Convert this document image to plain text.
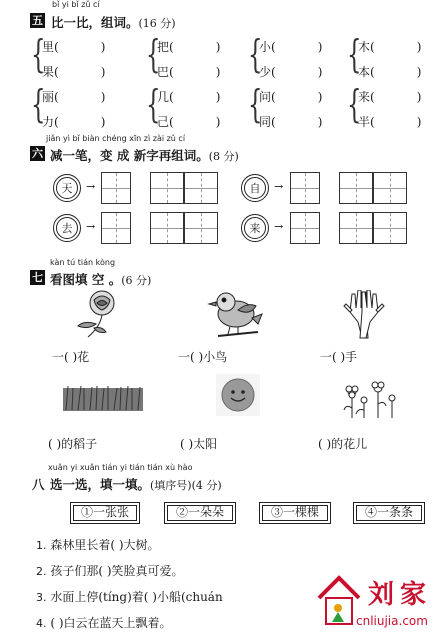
bǐ yi bǐ zǔ cí
五 比一比，组词。(16 分)
{
里(	)
果(	) {
把(	)
巴(	) {
小(	)
少(	) {
木(	)
本(	)
{
丽(	)
力(	) {
几(	)
己(	) {
问(	)
同(	) {
来(	)
半(	)
jiǎn yì bǐ biàn chéng xīn zì zài zǔ cí
六 减一笔，变 成 新字再组词。(8 分)
天	→	自	→
去	→	来	→
kàn tú tián kòng
七 看图填 空 。(6 分)
一( )花	一( )小鸟	一( )手
( )的稻子	( )太阳	( )的花儿
xuǎn yi xuǎn tián yi tián tián xù hào
八 选一选，填一填。(填序号)(4 分)
①一张张	②一朵朵	③一棵棵	④一条条
1. 森林里长着( )大树。
2. 孩子们那( )笑脸真可爱。
3. 水面上停(tíng)着( )小船(chuán
4. ( )白云在蓝天上飘着。
刘家
cnliujia.com
